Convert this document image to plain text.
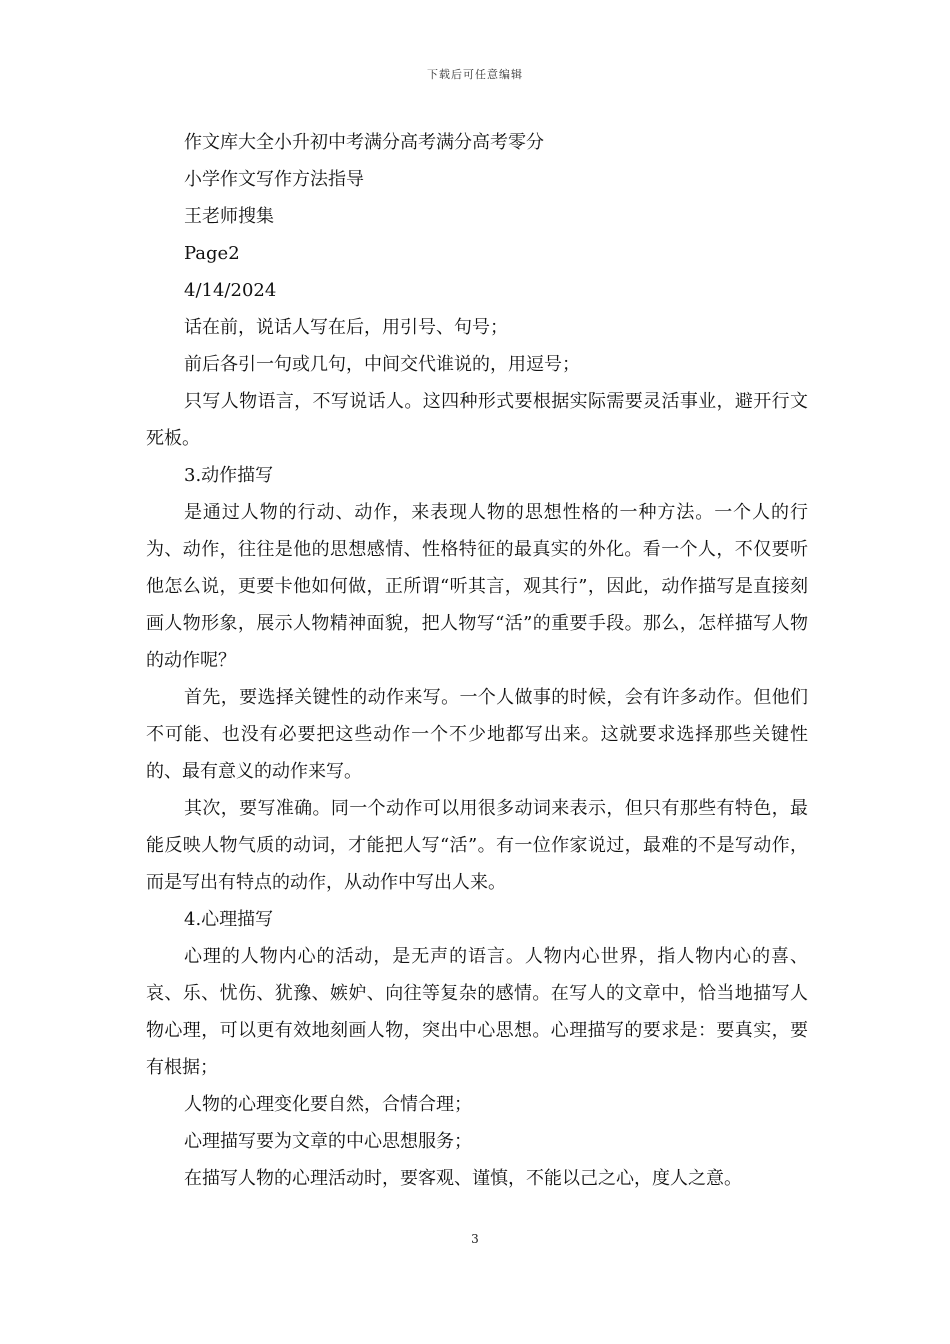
下载后可任意编辑

作文库大全小升初中考满分高考满分高考零分

小学作文写作方法指导

王老师搜集

Page2

4/14/2024

话在前，说话人写在后，用引号、句号；

前后各引一句或几句，中间交代谁说的，用逗号；

只写人物语言，不写说话人。这四种形式要根据实际需要灵活事业，避开行文死板。

3.动作描写

是通过人物的行动、动作，来表现人物的思想性格的一种方法。一个人的行为、动作，往往是他的思想感情、性格特征的最真实的外化。看一个人，不仅要听他怎么说，更要卡他如何做，正所谓“听其言，观其行”，因此，动作描写是直接刻画人物形象，展示人物精神面貌，把人物写“活”的重要手段。那么，怎样描写人物的动作呢？

首先，要选择关键性的动作来写。一个人做事的时候，会有许多动作。但他们不可能、也没有必要把这些动作一个不少地都写出来。这就要求选择那些关键性的、最有意义的动作来写。

其次，要写准确。同一个动作可以用很多动词来表示，但只有那些有特色，最能反映人物气质的动词，才能把人写“活”。有一位作家说过，最难的不是写动作，而是写出有特点的动作，从动作中写出人来。

4.心理描写

心理的人物内心的活动，是无声的语言。人物内心世界，指人物内心的喜、哀、乐、忧伤、犹豫、嫉妒、向往等复杂的感情。在写人的文章中，恰当地描写人物心理，可以更有效地刻画人物，突出中心思想。心理描写的要求是：要真实，要有根据；

人物的心理变化要自然，合情合理；

心理描写要为文章的中心思想服务；

在描写人物的心理活动时，要客观、谨慎，不能以己之心，度人之意。

3
